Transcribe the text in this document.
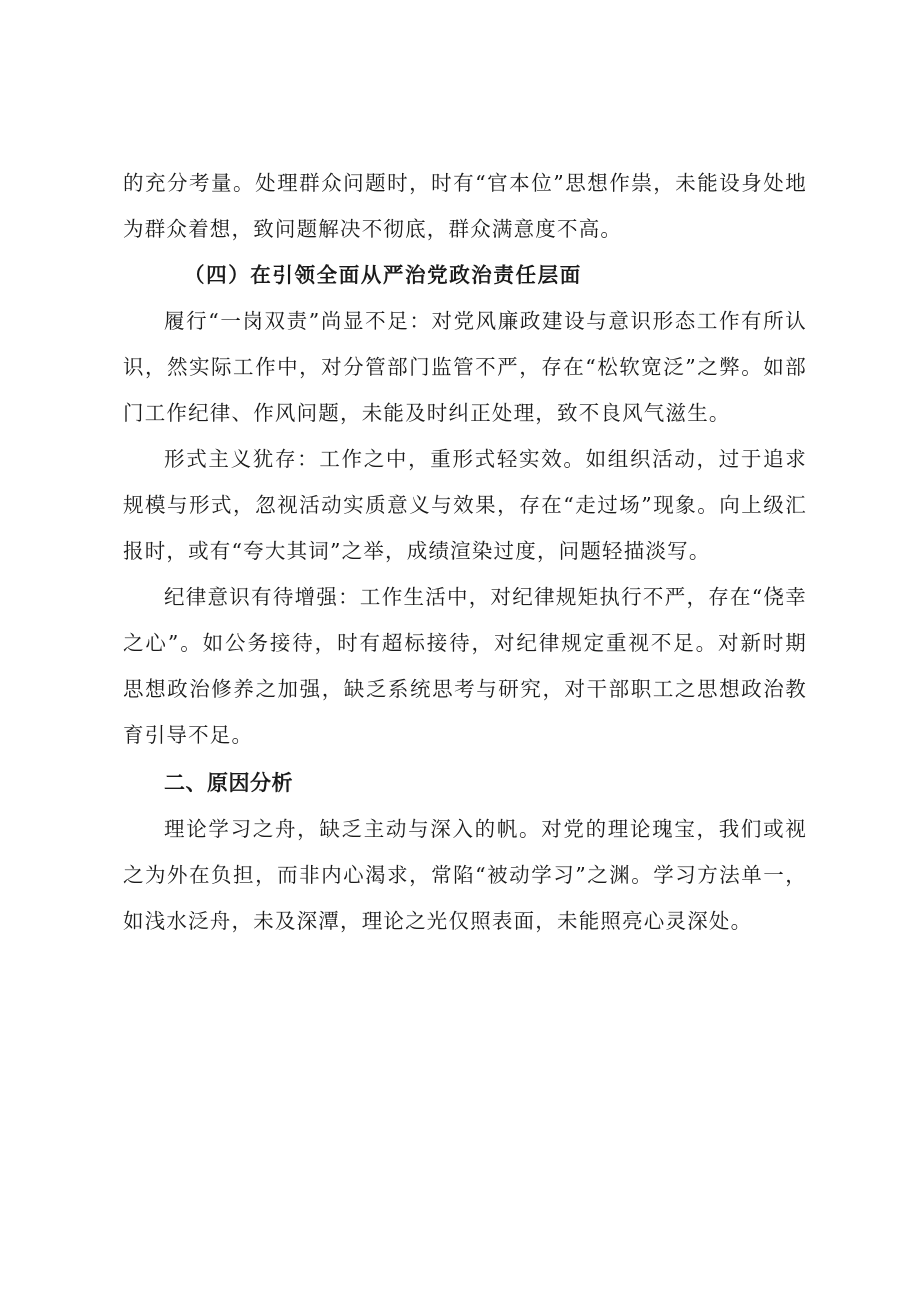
的充分考量。处理群众问题时，时有“官本位”思想作祟，未能设身处地为群众着想，致问题解决不彻底，群众满意度不高。

（四）在引领全面从严治党政治责任层面

履行“一岗双责”尚显不足：对党风廉政建设与意识形态工作有所认识，然实际工作中，对分管部门监管不严，存在“松软宽泛”之弊。如部门工作纪律、作风问题，未能及时纠正处理，致不良风气滋生。

形式主义犹存：工作之中，重形式轻实效。如组织活动，过于追求规模与形式，忽视活动实质意义与效果，存在“走过场”现象。向上级汇报时，或有“夸大其词”之举，成绩渲染过度，问题轻描淡写。

纪律意识有待增强：工作生活中，对纪律规矩执行不严，存在“侥幸之心”。如公务接待，时有超标接待，对纪律规定重视不足。对新时期思想政治修养之加强，缺乏系统思考与研究，对干部职工之思想政治教育引导不足。

二、原因分析

理论学习之舟，缺乏主动与深入的帆。对党的理论瑰宝，我们或视之为外在负担，而非内心渴求，常陷“被动学习”之渊。学习方法单一，如浅水泛舟，未及深潭，理论之光仅照表面，未能照亮心灵深处。
